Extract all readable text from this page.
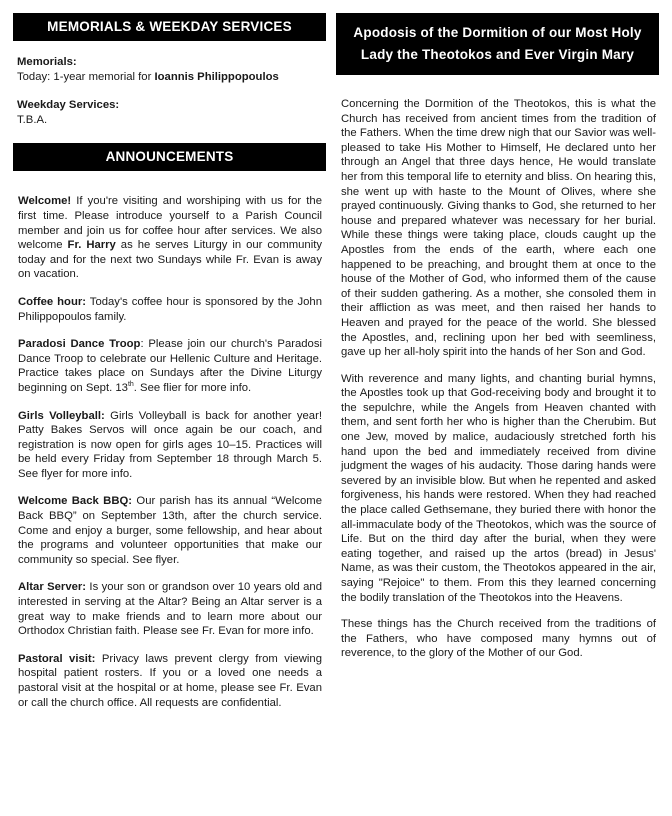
MEMORIALS & WEEKDAY SERVICES
Memorials:
Today: 1-year memorial for Ioannis Philippopoulos
Weekday Services:
T.B.A.
ANNOUNCEMENTS

Welcome! If you're visiting and worshiping with us for the first time. Please introduce yourself to a Parish Council member and join us for coffee hour after services. We also welcome Fr. Harry as he serves Liturgy in our community today and for the next two Sundays while Fr. Evan is away on vacation.

Coffee hour: Today's coffee hour is sponsored by the John Philippopoulos family.

Paradosi Dance Troop: Please join our church's Paradosi Dance Troop to celebrate our Hellenic Culture and Heritage. Practice takes place on Sundays after the Divine Liturgy beginning on Sept. 13th. See flier for more info.

Girls Volleyball: Girls Volleyball is back for another year! Patty Bakes Servos will once again be our coach, and registration is now open for girls ages 10–15. Practices will be held every Friday from September 18 through March 5. See flyer for more info.

Welcome Back BBQ: Our parish has its annual “Welcome Back BBQ” on September 13th, after the church service. Come and enjoy a burger, some fellowship, and hear about the programs and volunteer opportunities that make our community so special. See flyer.

Altar Server: Is your son or grandson over 10 years old and interested in serving at the Altar? Being an Altar server is a great way to make friends and to learn more about our Orthodox Christian faith. Please see Fr. Evan for more info.

Pastoral visit: Privacy laws prevent clergy from viewing hospital patient rosters. If you or a loved one needs a pastoral visit at the hospital or at home, please see Fr. Evan or call the church office. All requests are confidential.

Apodosis of the Dormition of our Most Holy
Lady the Theotokos and Ever Virgin Mary

Concerning the Dormition of the Theotokos, this is what the Church has received from ancient times from the tradition of the Fathers. When the time drew nigh that our Savior was well-pleased to take His Mother to Himself, He declared unto her through an Angel that three days hence, He would translate her from this temporal life to eternity and bliss. On hearing this, she went up with haste to the Mount of Olives, where she prayed continuously. Giving thanks to God, she returned to her house and prepared whatever was necessary for her burial. While these things were taking place, clouds caught up the Apostles from the ends of the earth, where each one happened to be preaching, and brought them at once to the house of the Mother of God, who informed them of the cause of their sudden gathering. As a mother, she consoled them in their affliction as was meet, and then raised her hands to Heaven and prayed for the peace of the world. She blessed the Apostles, and, reclining upon her bed with seemliness, gave up her all-holy spirit into the hands of her Son and God.

With reverence and many lights, and chanting burial hymns, the Apostles took up that God-receiving body and brought it to the sepulchre, while the Angels from Heaven chanted with them, and sent forth her who is higher than the Cherubim. But one Jew, moved by malice, audaciously stretched forth his hand upon the bed and immediately received from divine judgment the wages of his audacity. Those daring hands were severed by an invisible blow. But when he repented and asked forgiveness, his hands were restored. When they had reached the place called Gethsemane, they buried there with honor the all-immaculate body of the Theotokos, which was the source of Life. But on the third day after the burial, when they were eating together, and raised up the artos (bread) in Jesus' Name, as was their custom, the Theotokos appeared in the air, saying "Rejoice" to them. From this they learned concerning the bodily translation of the Theotokos into the Heavens.

These things has the Church received from the traditions of the Fathers, who have composed many hymns out of reverence, to the glory of the Mother of our God.
